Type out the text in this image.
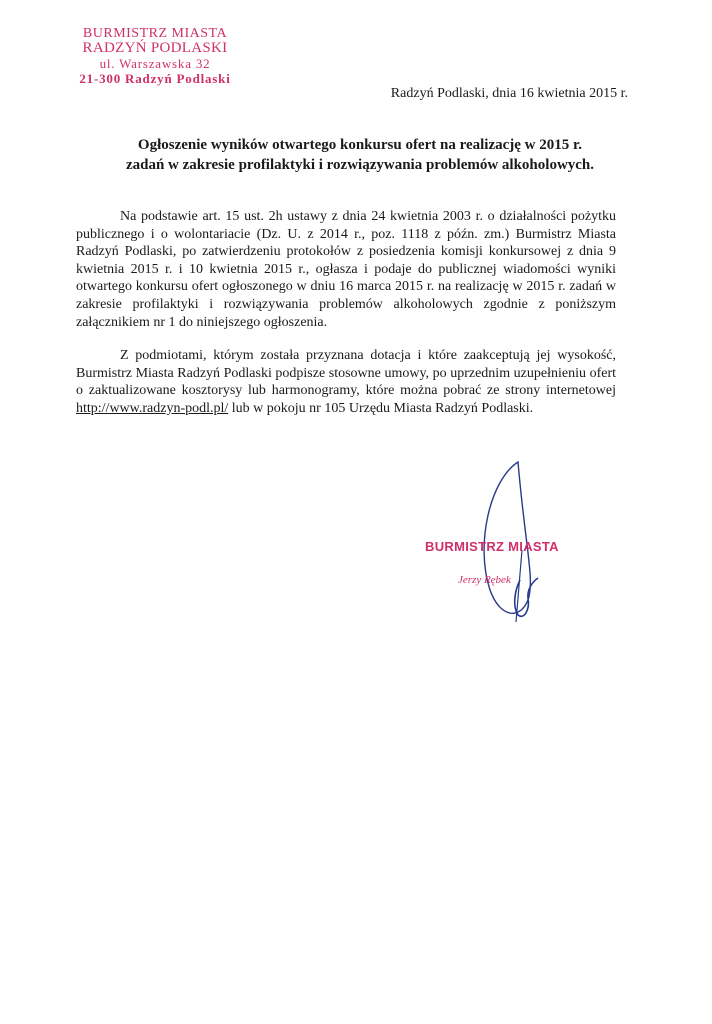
BURMISTRZ MIASTA
RADZYŃ PODLASKI
ul. Warszawska 32
21-300 Radzyń Podlaski
Radzyń Podlaski, dnia 16 kwietnia 2015 r.
Ogłoszenie wyników otwartego konkursu ofert na realizację w 2015 r.
zadań w zakresie profilaktyki i rozwiązywania problemów alkoholowych.
Na podstawie art. 15 ust. 2h ustawy z dnia 24 kwietnia 2003 r. o działalności pożytku publicznego i o wolontariacie (Dz. U. z 2014 r., poz. 1118 z późn. zm.) Burmistrz Miasta Radzyń Podlaski, po zatwierdzeniu protokołów z posiedzenia komisji konkursowej z dnia 9 kwietnia 2015 r. i 10 kwietnia 2015 r., ogłasza i podaje do publicznej wiadomości wyniki otwartego konkursu ofert ogłoszonego w dniu 16 marca 2015 r. na realizację w 2015 r. zadań w zakresie profilaktyki i rozwiązywania problemów alkoholowych zgodnie z poniższym załącznikiem nr 1 do niniejszego ogłoszenia.
Z podmiotami, którym została przyznana dotacja i które zaakceptują jej wysokość, Burmistrz Miasta Radzyń Podlaski podpisze stosowne umowy, po uprzednim uzupełnieniu ofert o zaktualizowane kosztorysy lub harmonogramy, które można pobrać ze strony internetowej http://www.radzyn-podl.pl/ lub w pokoju nr 105 Urzędu Miasta Radzyń Podlaski.
BURMISTRZ MIASTA
Jerzy Rębek
